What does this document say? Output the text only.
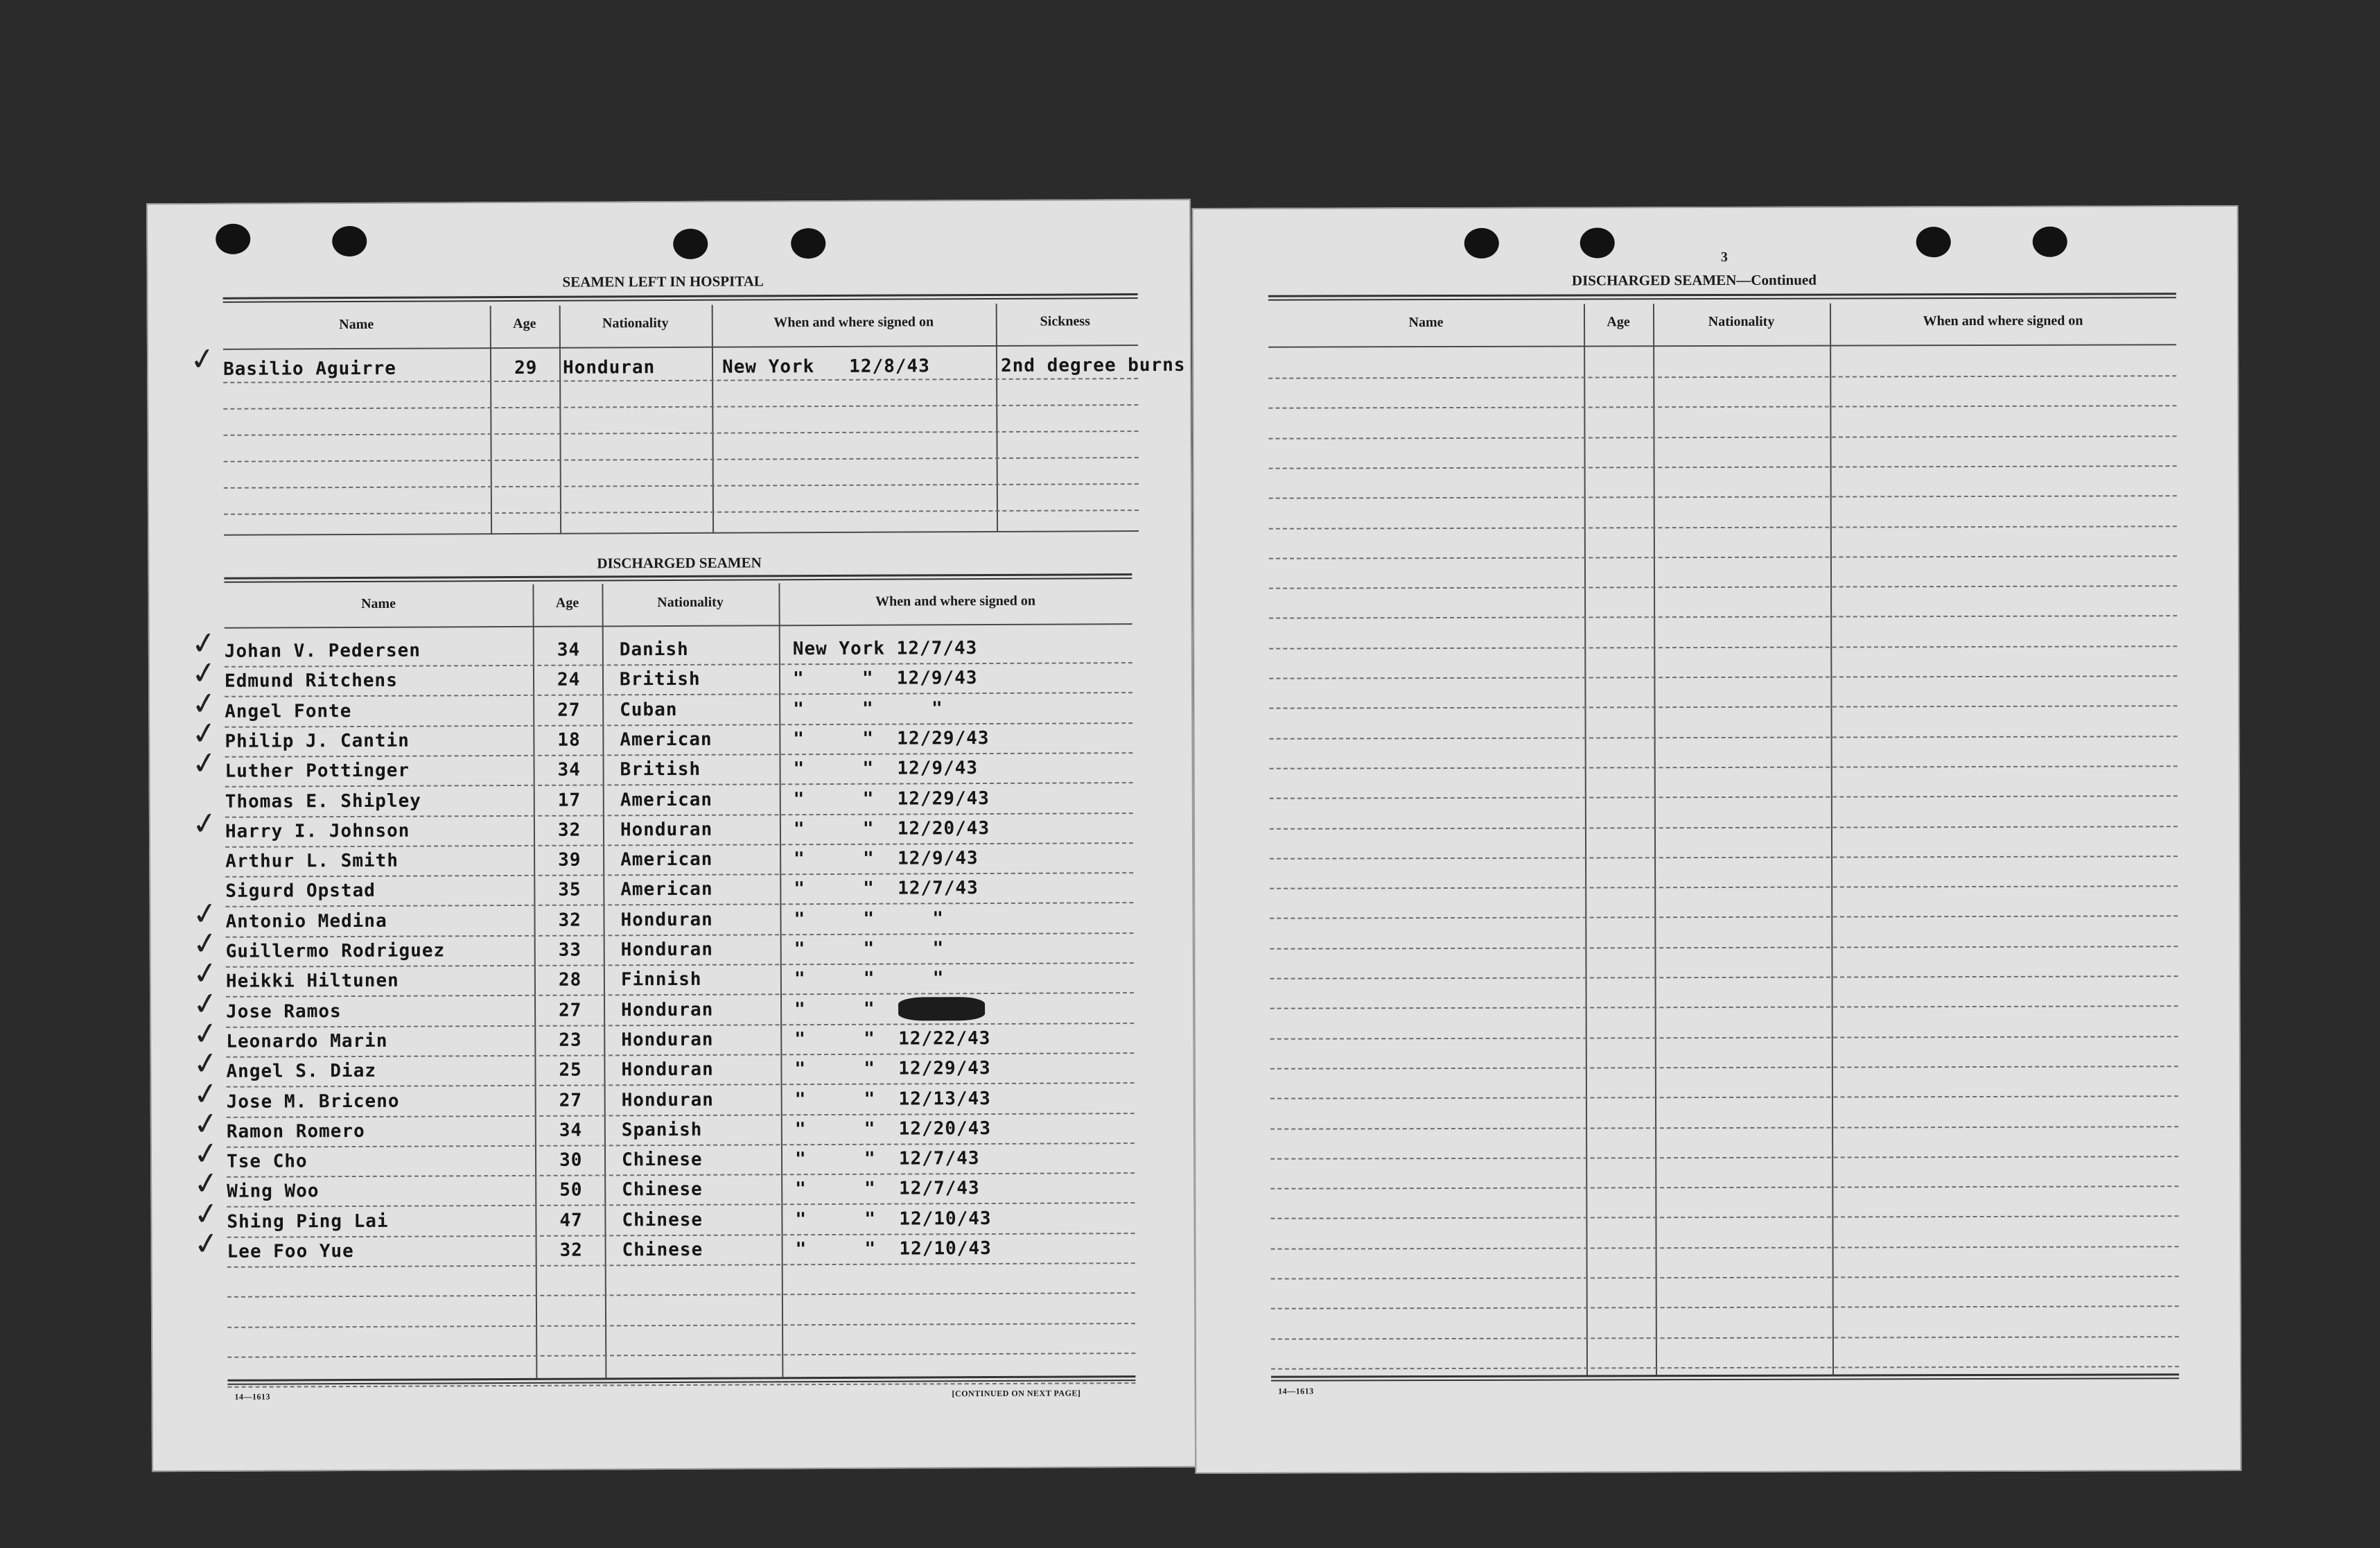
SEAMEN LEFT IN HOSPITAL
Name	Age	Nationality	When and where signed on	Sickness
✓ Basilio Aguirre	29 Honduran	New York   12/8/43	2nd degree burns
DISCHARGED SEAMEN
Name	Age	Nationality	When and where signed on
✓ Johan V. Pedersen	34 Danish	New York 12/7/43
✓ Edmund Ritchens	24 British	"     "  12/9/43
✓ Angel Fonte	27 Cuban	"     "     "
✓ Philip J. Cantin	18 American	"     "  12/29/43
✓ Luther Pottinger	34 British	"     "  12/9/43
Thomas E. Shipley	17 American	"     "  12/29/43
✓ Harry I. Johnson	32 Honduran	"     "  12/20/43
Arthur L. Smith	39 American	"     "  12/9/43
Sigurd Opstad	35 American	"     "  12/7/43
✓ Antonio Medina	32 Honduran	"     "     "
✓ Guillermo Rodriguez	33 Honduran	"     "     "
✓ Heikki Hiltunen	28 Finnish	"     "     "
✓ Jose Ramos	27 Honduran	"     "
✓ Leonardo Marin	23 Honduran	"     "  12/22/43
✓ Angel S. Diaz	25 Honduran	"     "  12/29/43
✓ Jose M. Briceno	27 Honduran	"     "  12/13/43
✓ Ramon Romero	34 Spanish	"     "  12/20/43
✓ Tse Cho	30 Chinese	"     "  12/7/43
✓ Wing Woo	50 Chinese	"     "  12/7/43
✓ Shing Ping Lai	47 Chinese	"     "  12/10/43
✓ Lee Foo Yue	32 Chinese	"     "  12/10/43
14—1613	[CONTINUED ON NEXT PAGE]
3
DISCHARGED SEAMEN—Continued
Name	Age	Nationality	When and where signed on
14—1613
